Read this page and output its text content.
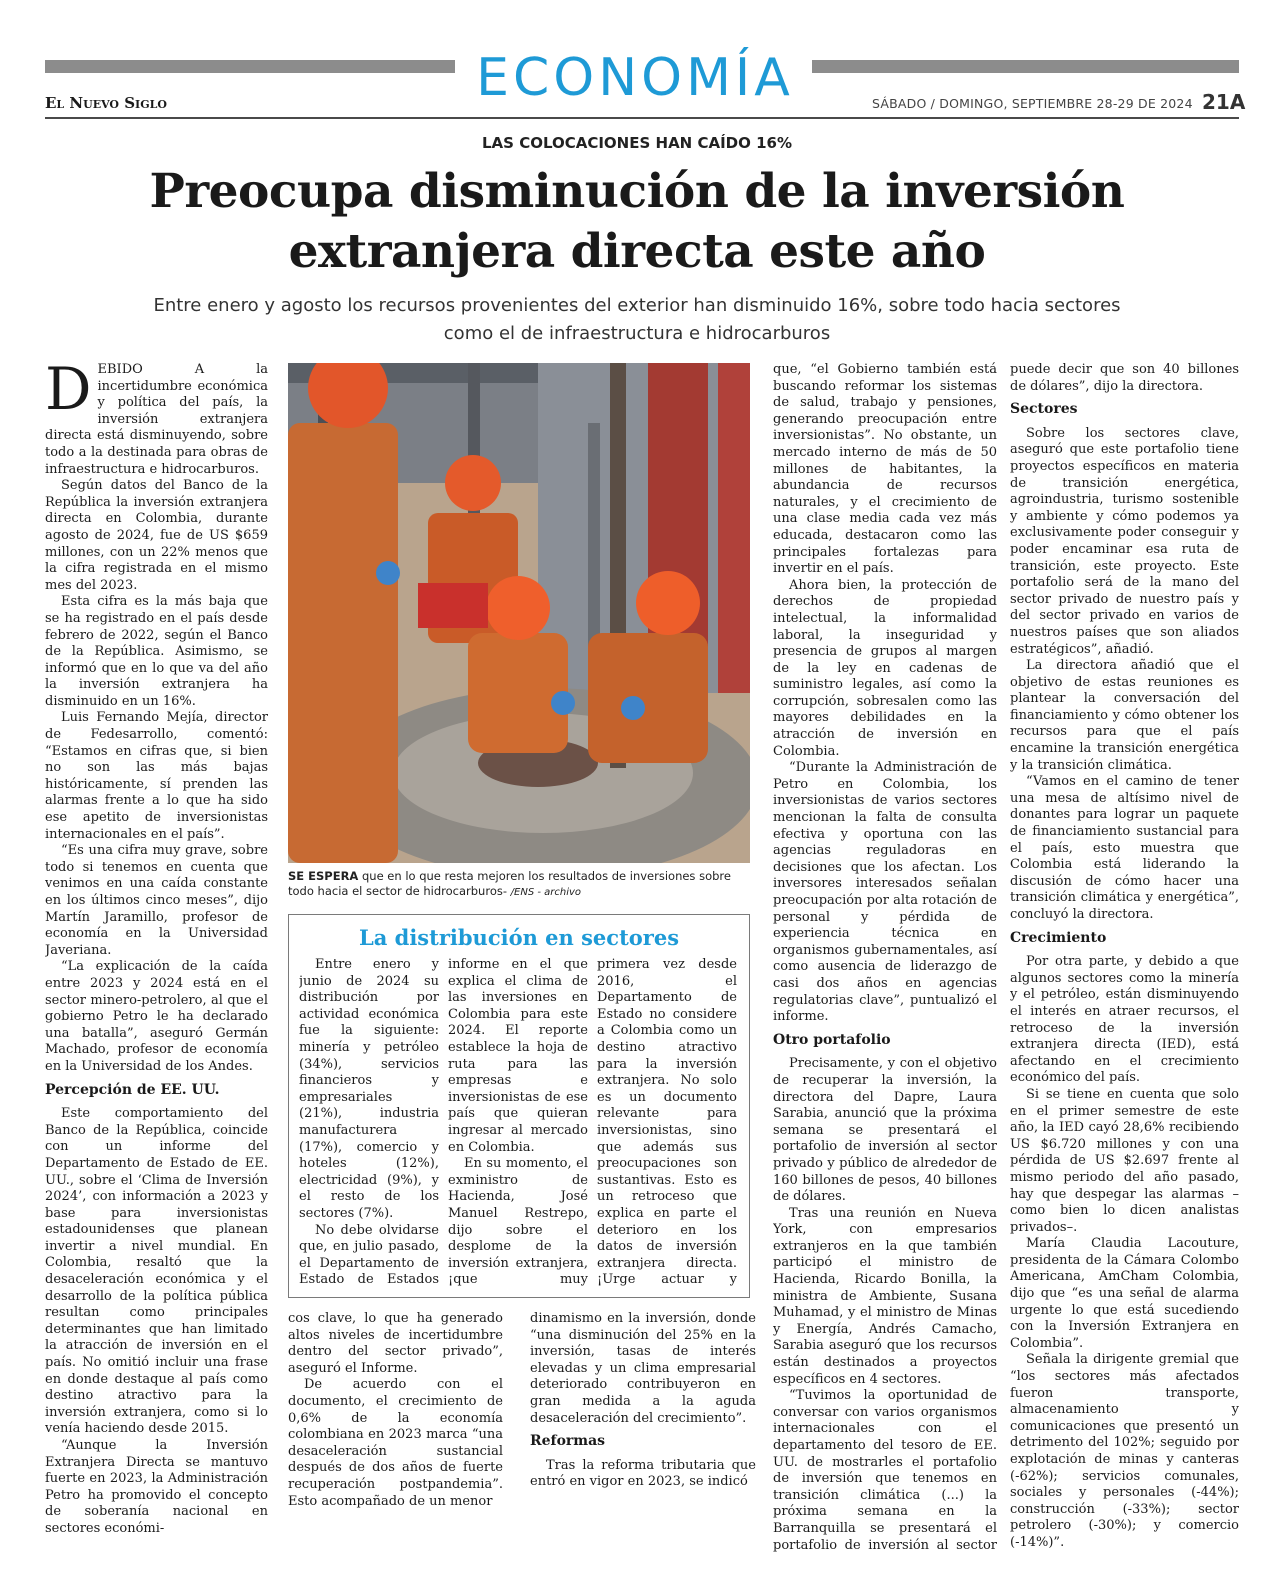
ECONOMÍA
El Nuevo Siglo	SÁBADO / DOMINGO, SEPTIEMBRE 28-29 DE 2024 21A
LAS COLOCACIONES HAN CAÍDO 16%
Preocupa disminución de la inversión extranjera directa este año

Entre enero y agosto los recursos provenientes del exterior han disminuido 16%, sobre todo hacia sectores como el de infraestructura e hidrocarburos

DEBIDO A la incertidumbre económica y política del país, la inversión extranjera directa está disminuyendo, sobre todo a la destinada para obras de infraestructura e hidrocarburos.

Según datos del Banco de la República la inversión extranjera directa en Colombia, durante agosto de 2024, fue de US $659 millones, con un 22% menos que la cifra registrada en el mismo mes del 2023.

Esta cifra es la más baja que se ha registrado en el país desde febrero de 2022, según el Banco de la República. Asimismo, se informó que en lo que va del año la inversión extranjera ha disminuido en un 16%.

Luis Fernando Mejía, director de Fedesarrollo, comentó: “Estamos en cifras que, si bien no son las más bajas históricamente, sí prenden las alarmas frente a lo que ha sido ese apetito de inversionistas internacionales en el país”.

“Es una cifra muy grave, sobre todo si tenemos en cuenta que venimos en una caída constante en los últimos cinco meses”, dijo Martín Jaramillo, profesor de economía en la Universidad Javeriana.

“La explicación de la caída entre 2023 y 2024 está en el sector minero-petrolero, al que el gobierno Petro le ha declarado una batalla”, aseguró Germán Machado, profesor de economía en la Universidad de los Andes.

Percepción de EE. UU.

Este comportamiento del Banco de la República, coincide con un informe del Departamento de Estado de EE. UU., sobre el ‘Clima de Inversión 2024’, con información a 2023 y base para inversionistas estadounidenses que planean invertir a nivel mundial. En Colombia, resaltó que la desaceleración económica y el desarrollo de la política pública resultan como principales determinantes que han limitado la atracción de inversión en el país. No omitió incluir una frase en donde destaque al país como destino atractivo para la inversión extranjera, como si lo venía haciendo desde 2015.

“Aunque la Inversión Extranjera Directa se mantuvo fuerte en 2023, la Administración Petro ha promovido el concepto de soberanía nacional en sectores económi-

SE ESPERA que en lo que resta mejoren los resultados de inversiones sobre todo hacia el sector de hidrocarburos- /ENS - archivo
La distribución en sectores

Entre enero y junio de 2024 su distribución por actividad económica fue la siguiente: minería y petróleo (34%), servicios financieros y empresariales (21%), industria manufacturera (17%), comercio y hoteles (12%), electricidad (9%), y el resto de los sectores (7%).

No debe olvidarse que, en julio pasado, el Departamento de Estado de Estados

informe en el que explica el clima de las inversiones en Colombia para este 2024. El reporte establece la hoja de ruta para las empresas e inversionistas de ese país que quieran ingresar al mercado en Colombia.

En su momento, el exministro de Hacienda, José Manuel Restrepo, dijo sobre el desplome de la inversión extranjera, ¡que muy

primera vez desde 2016, el Departamento de Estado no considere a Colombia como un destino atractivo para la inversión extranjera. No solo es un documento relevante para inversionistas, sino que además sus preocupaciones son sustantivas. Esto es un retroceso que explica en parte el deterioro en los datos de inversión extranjera directa. ¡Urge actuar y

cos clave, lo que ha generado altos niveles de incertidumbre dentro del sector privado”, aseguró el Informe.

De acuerdo con el documento, el crecimiento de 0,6% de la economía colombiana en 2023 marca “una desaceleración sustancial después de dos años de fuerte recuperación postpandemia”. Esto acompañado de un menor

dinamismo en la inversión, donde “una disminución del 25% en la inversión, tasas de interés elevadas y un clima empresarial deteriorado contribuyeron en gran medida a la aguda desaceleración del crecimiento”.

Reformas

Tras la reforma tributaria que entró en vigor en 2023, se indicó

que, “el Gobierno también está buscando reformar los sistemas de salud, trabajo y pensiones, generando preocupación entre inversionistas”. No obstante, un mercado interno de más de 50 millones de habitantes, la abundancia de recursos naturales, y el crecimiento de una clase media cada vez más educada, destacaron como las principales fortalezas para invertir en el país.

Ahora bien, la protección de derechos de propiedad intelectual, la informalidad laboral, la inseguridad y presencia de grupos al margen de la ley en cadenas de suministro legales, así como la corrupción, sobresalen como las mayores debilidades en la atracción de inversión en Colombia.

“Durante la Administración de Petro en Colombia, los inversionistas de varios sectores mencionan la falta de consulta efectiva y oportuna con las agencias reguladoras en decisiones que los afectan. Los inversores interesados señalan preocupación por alta rotación de personal y pérdida de experiencia técnica en organismos gubernamentales, así como ausencia de liderazgo de casi dos años en agencias regulatorias clave”, puntualizó el informe.

Otro portafolio

Precisamente, y con el objetivo de recuperar la inversión, la directora del Dapre, Laura Sarabia, anunció que la próxima semana se presentará el portafolio de inversión al sector privado y público de alrededor de 160 billones de pesos, 40 billones de dólares.

Tras una reunión en Nueva York, con empresarios extranjeros en la que también participó el ministro de Hacienda, Ricardo Bonilla, la ministra de Ambiente, Susana Muhamad, y el ministro de Minas y Energía, Andrés Camacho, Sarabia aseguró que los recursos están destinados a proyectos específicos en 4 sectores.

“Tuvimos la oportunidad de conversar con varios organismos internacionales con el departamento del tesoro de EE. UU. de mostrarles el portafolio de inversión que tenemos en transición climática (...) la próxima semana en la Barranquilla se presentará el portafolio de inversión al sector

puede decir que son 40 billones de dólares”, dijo la directora.

Sectores

Sobre los sectores clave, aseguró que este portafolio tiene proyectos específicos en materia de transición energética, agroindustria, turismo sostenible y ambiente y cómo podemos ya exclusivamente poder conseguir y poder encaminar esa ruta de transición, este proyecto. Este portafolio será de la mano del sector privado de nuestro país y del sector privado en varios de nuestros países que son aliados estratégicos”, añadió.

La directora añadió que el objetivo de estas reuniones es plantear la conversación del financiamiento y cómo obtener los recursos para que el país encamine la transición energética y la transición climática.

“Vamos en el camino de tener una mesa de altísimo nivel de donantes para lograr un paquete de financiamiento sustancial para el país, esto muestra que Colombia está liderando la discusión de cómo hacer una transición climática y energética”, concluyó la directora.

Crecimiento

Por otra parte, y debido a que algunos sectores como la minería y el petróleo, están disminuyendo el interés en atraer recursos, el retroceso de la inversión extranjera directa (IED), está afectando en el crecimiento económico del país.

Si se tiene en cuenta que solo en el primer semestre de este año, la IED cayó 28,6% recibiendo US $6.720 millones y con una pérdida de US $2.697 frente al mismo periodo del año pasado, hay que despegar las alarmas –como bien lo dicen analistas privados–.

María Claudia Lacouture, presidenta de la Cámara Colombo Americana, AmCham Colombia, dijo que “es una señal de alarma urgente lo que está sucediendo con la Inversión Extranjera en Colombia”.

Señala la dirigente gremial que “los sectores más afectados fueron transporte, almacenamiento y comunicaciones que presentó un detrimento del 102%; seguido por explotación de minas y canteras (-62%); servicios comunales, sociales y personales (-44%); construcción (-33%); sector petrolero (-30%); y comercio (-14%)”.
